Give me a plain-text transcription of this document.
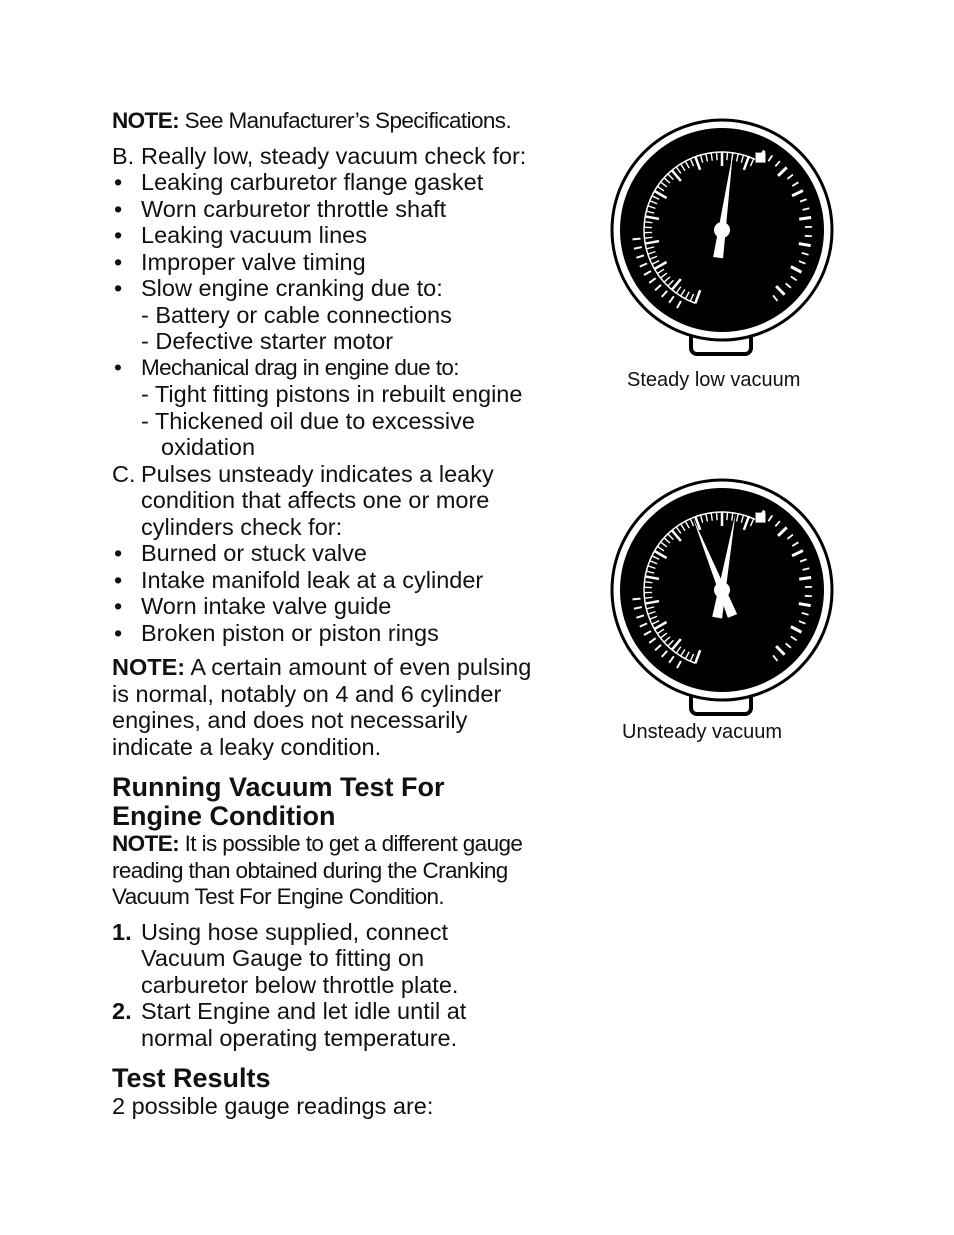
NOTE: See Manufacturer’s Specifications.
B. Really low, steady vacuum check for:
• Leaking carburetor flange gasket
• Worn carburetor throttle shaft
• Leaking vacuum lines
• Improper valve timing
• Slow engine cranking due to:
- Battery or cable connections
- Defective starter motor
• Mechanical drag in engine due to:
- Tight fitting pistons in rebuilt engine
- Thickened oil due to excessive
oxidation
C. Pulses unsteady indicates a leaky
condition that affects one or more
cylinders check for:
• Burned or stuck valve
• Intake manifold leak at a cylinder
• Worn intake valve guide
• Broken piston or piston rings
NOTE: A certain amount of even pulsing
is normal, notably on 4 and 6 cylinder
engines, and does not necessarily
indicate a leaky condition.
Running Vacuum Test For
Engine Condition
NOTE: It is possible to get a different gauge
reading than obtained during the Cranking
Vacuum Test For Engine Condition.
1. Using hose supplied, connect
Vacuum Gauge to fitting on
carburetor below throttle plate.
2. Start Engine and let idle until at
normal operating temperature.
Test Results
2 possible gauge readings are:
Steady low vacuum
Unsteady vacuum
